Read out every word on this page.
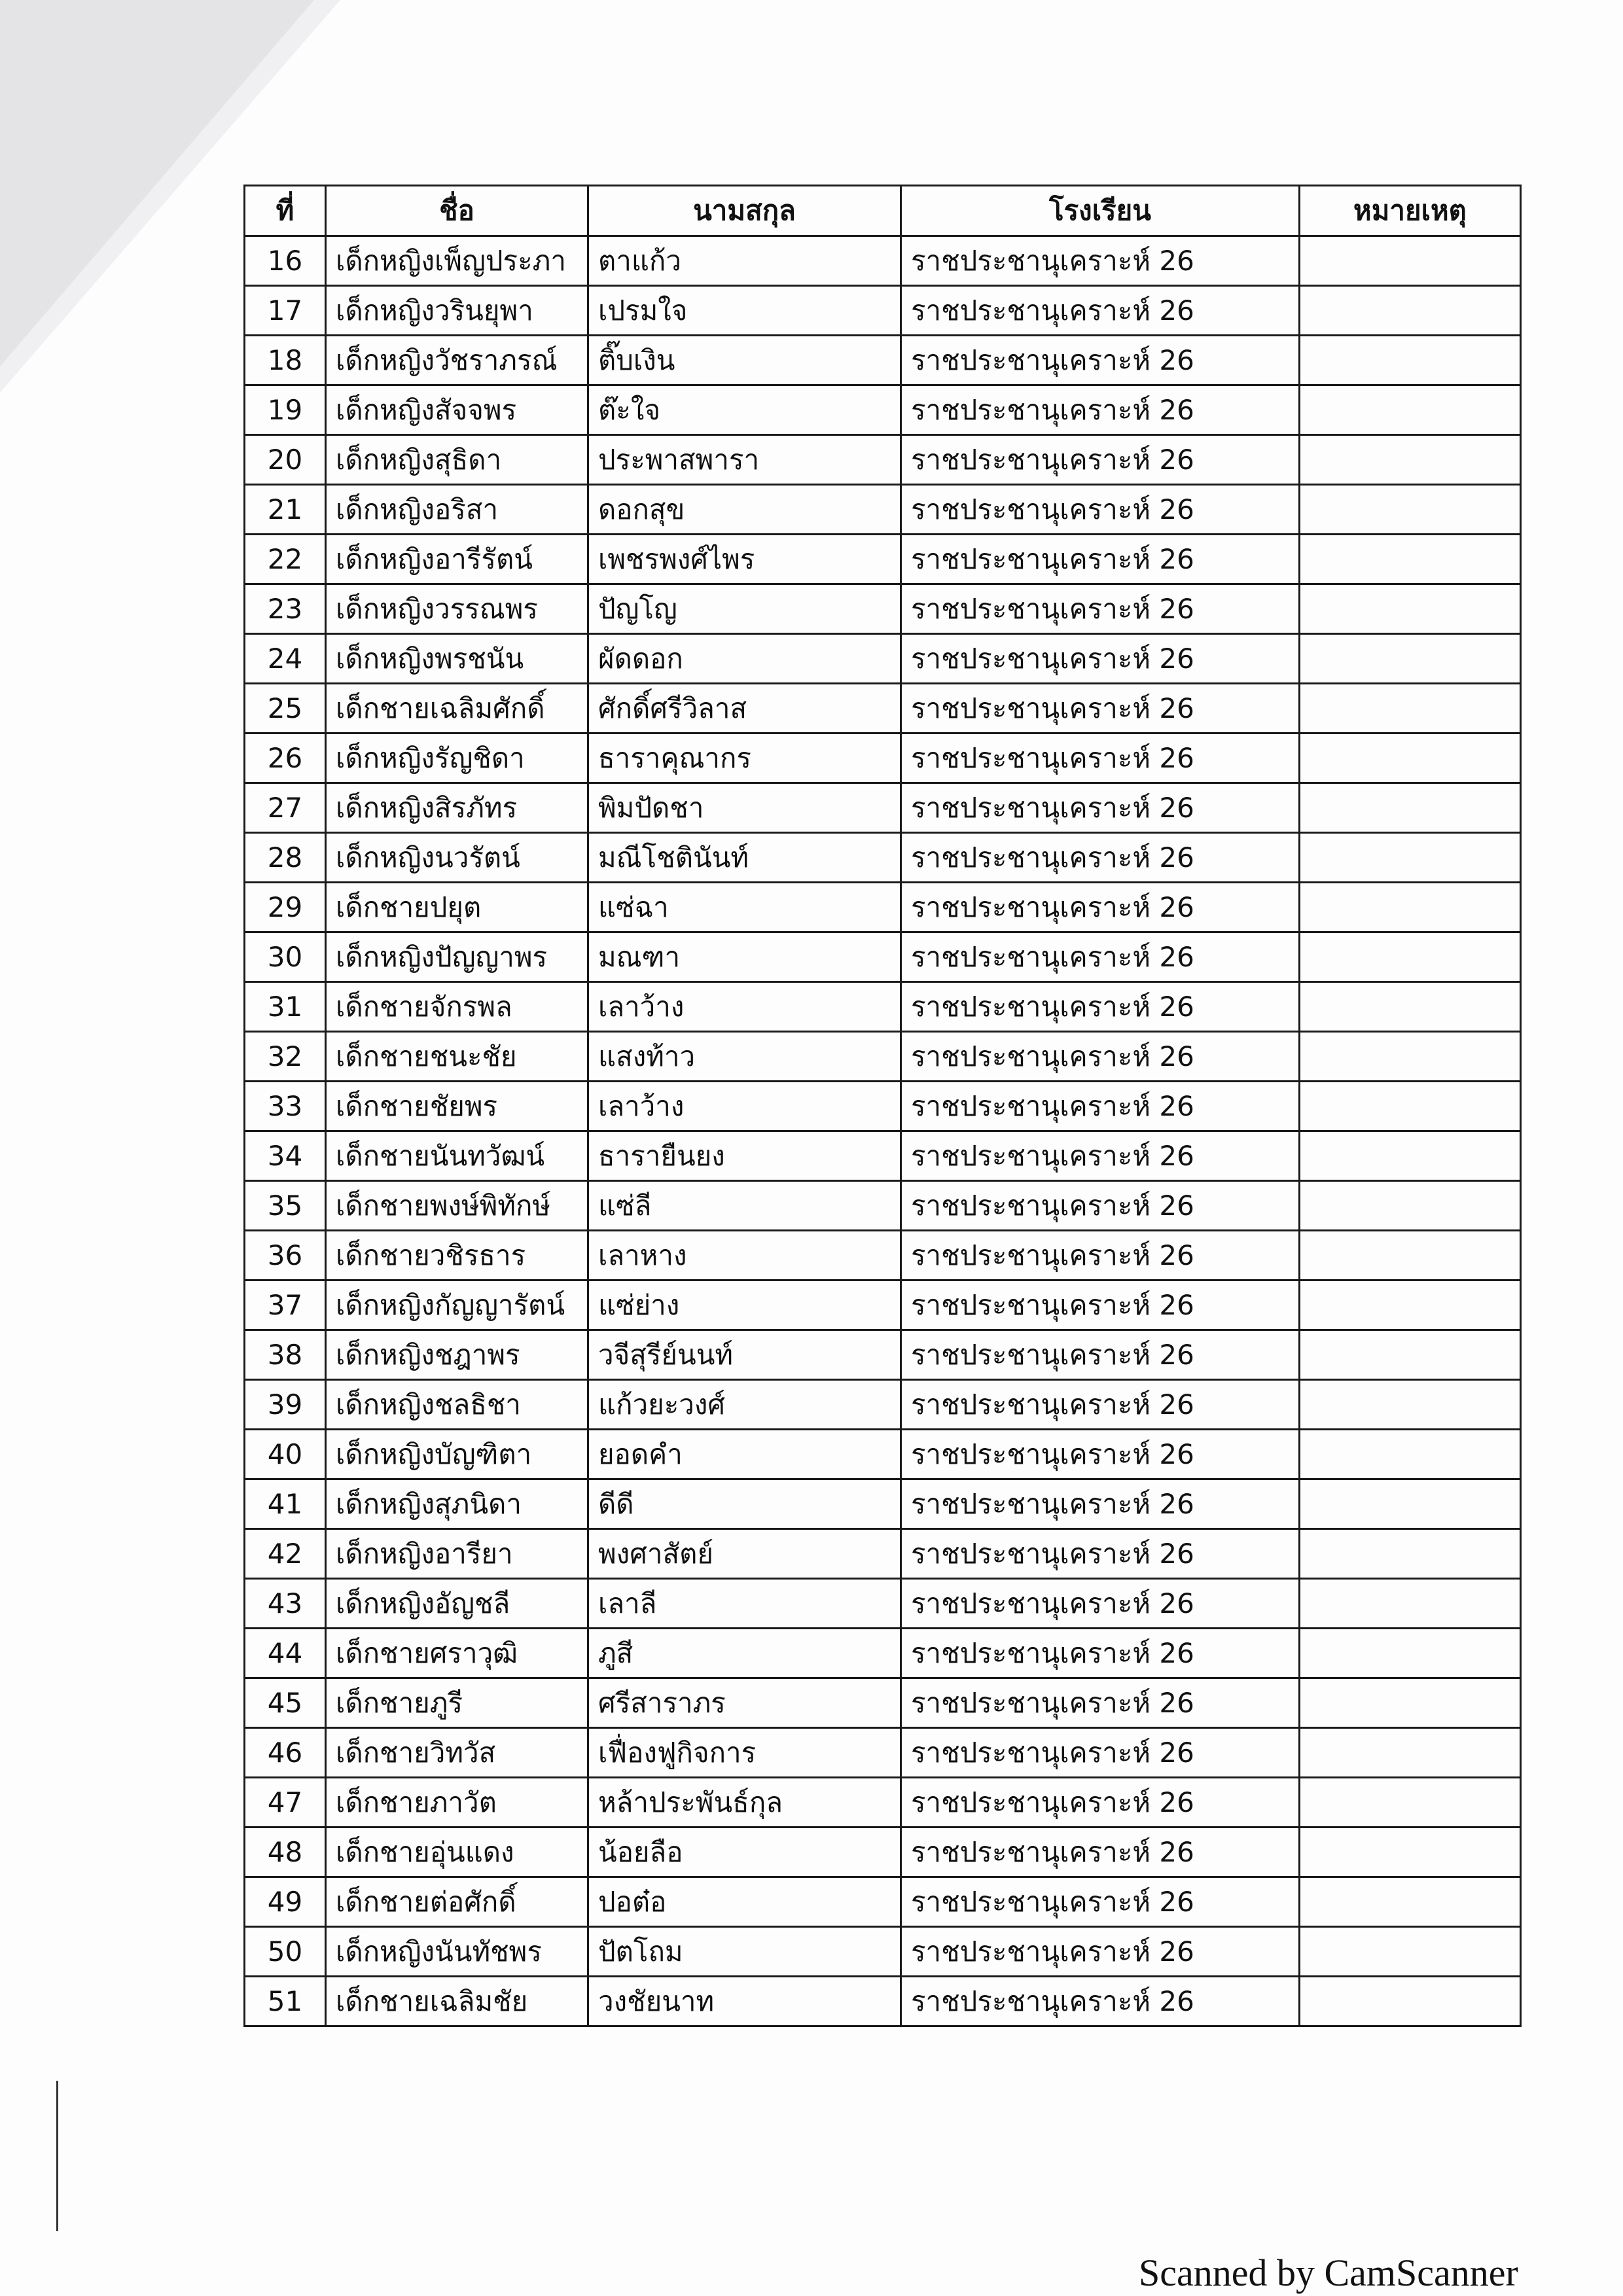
ที่	ชื่อ	นามสกุล	โรงเรียน	หมายเหตุ
16	เด็กหญิงเพ็ญประภา	ตาแก้ว	ราชประชานุเคราะห์ 26	
17	เด็กหญิงวรินยุพา	เปรมใจ	ราชประชานุเคราะห์ 26	
18	เด็กหญิงวัชราภรณ์	ติ๊บเงิน	ราชประชานุเคราะห์ 26	
19	เด็กหญิงสัจจพร	ต๊ะใจ	ราชประชานุเคราะห์ 26	
20	เด็กหญิงสุธิดา	ประพาสพารา	ราชประชานุเคราะห์ 26	
21	เด็กหญิงอริสา	ดอกสุข	ราชประชานุเคราะห์ 26	
22	เด็กหญิงอารีรัตน์	เพชรพงศ์ไพร	ราชประชานุเคราะห์ 26	
23	เด็กหญิงวรรณพร	ปัญโญ	ราชประชานุเคราะห์ 26	
24	เด็กหญิงพรชนัน	ผัดดอก	ราชประชานุเคราะห์ 26	
25	เด็กชายเฉลิมศักดิ์	ศักดิ์ศรีวิลาส	ราชประชานุเคราะห์ 26	
26	เด็กหญิงรัญชิดา	ธาราคุณากร	ราชประชานุเคราะห์ 26	
27	เด็กหญิงสิรภัทร	พิมปัดชา	ราชประชานุเคราะห์ 26	
28	เด็กหญิงนวรัตน์	มณีโชตินันท์	ราชประชานุเคราะห์ 26	
29	เด็กชายปยุต	แซ่ฉา	ราชประชานุเคราะห์ 26	
30	เด็กหญิงปัญญาพร	มณฑา	ราชประชานุเคราะห์ 26	
31	เด็กชายจักรพล	เลาว้าง	ราชประชานุเคราะห์ 26	
32	เด็กชายชนะชัย	แสงท้าว	ราชประชานุเคราะห์ 26	
33	เด็กชายชัยพร	เลาว้าง	ราชประชานุเคราะห์ 26	
34	เด็กชายนันทวัฒน์	ธารายืนยง	ราชประชานุเคราะห์ 26	
35	เด็กชายพงษ์พิทักษ์	แซ่ลี	ราชประชานุเคราะห์ 26	
36	เด็กชายวชิรธาร	เลาหาง	ราชประชานุเคราะห์ 26	
37	เด็กหญิงกัญญารัตน์	แซ่ย่าง	ราชประชานุเคราะห์ 26	
38	เด็กหญิงชฎาพร	วจีสุรีย์นนท์	ราชประชานุเคราะห์ 26	
39	เด็กหญิงชลธิชา	แก้วยะวงศ์	ราชประชานุเคราะห์ 26	
40	เด็กหญิงบัญฑิตา	ยอดคำ	ราชประชานุเคราะห์ 26	
41	เด็กหญิงสุภนิดา	ดีดี	ราชประชานุเคราะห์ 26	
42	เด็กหญิงอารียา	พงศาสัตย์	ราชประชานุเคราะห์ 26	
43	เด็กหญิงอัญชลี	เลาลี	ราชประชานุเคราะห์ 26	
44	เด็กชายศราวุฒิ	ภูสี	ราชประชานุเคราะห์ 26	
45	เด็กชายภูรี	ศรีสาราภร	ราชประชานุเคราะห์ 26	
46	เด็กชายวิทวัส	เฟื่องฟูกิจการ	ราชประชานุเคราะห์ 26	
47	เด็กชายภาวัต	หล้าประพันธ์กุล	ราชประชานุเคราะห์ 26	
48	เด็กชายอุ่นแดง	น้อยลือ	ราชประชานุเคราะห์ 26	
49	เด็กชายต่อศักดิ์	ปอต๋อ	ราชประชานุเคราะห์ 26	
50	เด็กหญิงนันทัชพร	ปัตโถม	ราชประชานุเคราะห์ 26	
51	เด็กชายเฉลิมชัย	วงชัยนาท	ราชประชานุเคราะห์ 26	
Scanned by CamScanner
